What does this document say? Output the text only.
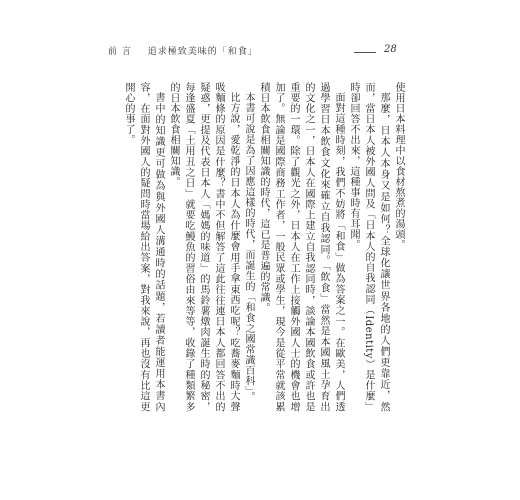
前 言 追求極致美味的「和食」	28

使用日本料理中以食材熬煮的湯頭。

那麼，日本人本身又是如何？全球化讓世界各地的人們更靠近，然而，當日本人被外國人問及「日本人的自我認同（Identity）是什麼」時卻回答不出來，這種事時有耳聞。

面對這種時刻，我們不妨將「和食」做為答案之一。在歐美，人們透過學習日本飲食文化來確立自我認同。「飲食」當然是本國風土孕育出的文化之一，日本人在國際上建立自我認同時，談論本國飲食或許也是重要的一環。除了觀光之外，日本人在工作上接觸外國人士的機會也增加了。無論是國際商務工作者，一般民眾或學生，現今是從平常就該累積日本飲食相關知識的時代，這已是普遍的常識。

本書可說是為了因應這樣的時代，而誕生的「和食之國常識百科」。

比方說，愛乾淨的日本人為什麼會用手拿東西吃呢？吃蕎麥麵時大聲吸麵條的原因是什麼？書中不但解答了這此往往連日本人都回答不出的疑惑，更提及代表日本人「媽媽的味道」的馬鈴薯燉肉誕生時的秘密，每逢盛夏「土用丑之日」就要吃鰻魚的習俗由來等等，收錄了種類繁多的日本飲食相關知識。

書中的知識更可做為與外國人溝通時的話題，若讀者能運用本書內容，在面對外國人的疑問時當場給出答案，對我來說，再也沒有比這更開心的事了。
